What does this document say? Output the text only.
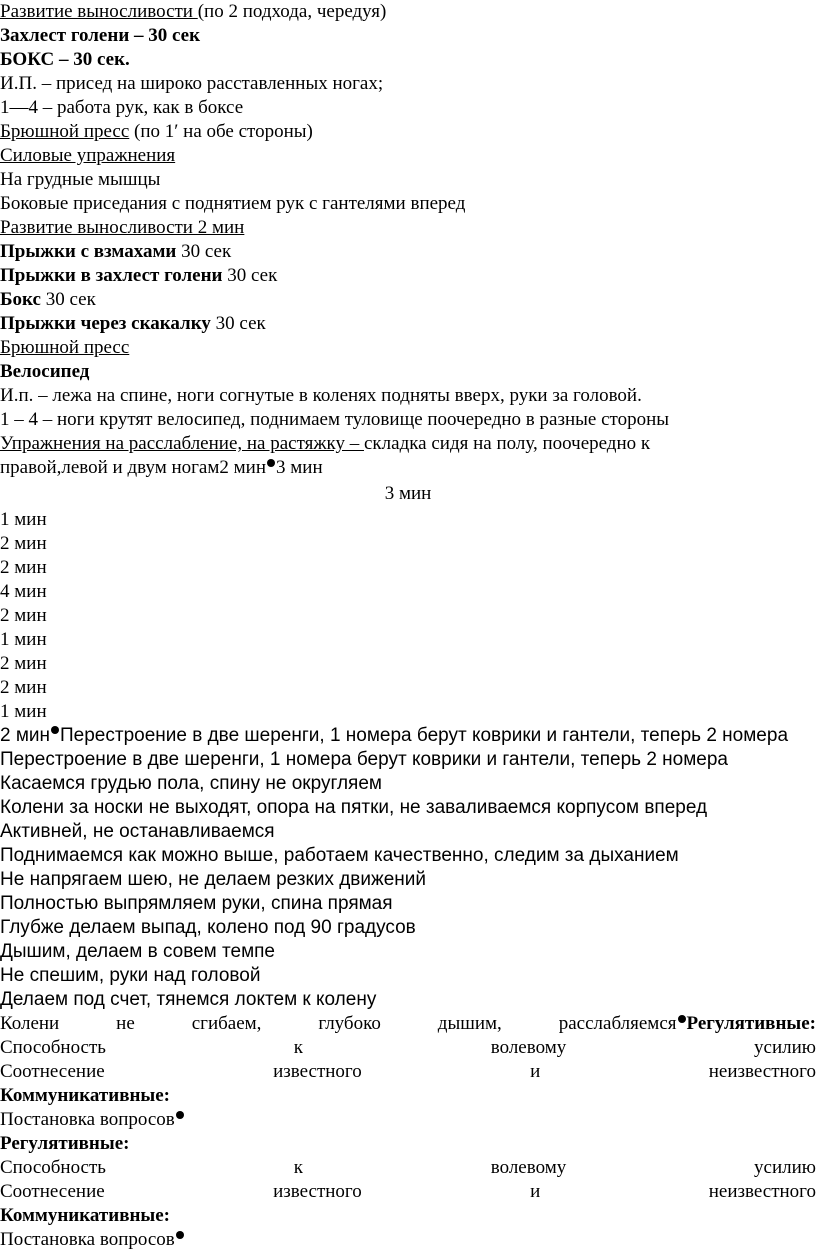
Развитие выносливости (по 2 подхода, чередуя)
Захлест голени – 30 сек
БОКС – 30 сек.
И.П. – присед на широко расставленных ногах;
1—4 – работа рук, как в боксе
Брюшной пресс (по 1′ на обе стороны)
Силовые упражнения
На грудные мышцы
Боковые приседания с поднятием рук с гантелями вперед
Развитие выносливости 2 мин
Прыжки с взмахами 30 сек
Прыжки в захлест голени 30 сек
Бокс 30 сек
Прыжки через скакалку 30 сек
Брюшной пресс
Велосипед
И.п. – лежа на спине, ноги согнутые в коленях подняты вверх, руки за головой.
1 – 4 – ноги крутят велосипед, поднимаем туловище поочередно в разные стороны
Упражнения на расслабление, на растяжку – складка сидя на полу, поочередно к
правой,левой и двум ногам2 мин 3 мин
3 мин
1 мин
2 мин
2 мин
4 мин
2 мин
1 мин
2 мин
2 мин
1 мин
2 мин Перестроение в две шеренги, 1 номера берут коврики и гантели, теперь 2 номера
Перестроение в две шеренги, 1 номера берут коврики и гантели, теперь 2 номера
Касаемся грудью пола, спину не округляем
Колени за носки не выходят, опора на пятки, не заваливаемся корпусом вперед
Активней, не останавливаемся
Поднимаемся как можно выше, работаем качественно, следим за дыханием
Не напрягаем шею, не делаем резких движений
Полностью выпрямляем руки, спина прямая
Глубже делаем выпад, колено под 90 градусов
Дышим, делаем в совем темпе
Не спешим, руки над головой
Делаем под счет, тянемся локтем к колену
Колени	не	сгибаем,	глубоко	дышим,	расслабляемся Регулятивные:
Способность	к	волевому	усилию
Соотнесение	известного	и	неизвестного
Коммуникативные:
Постановка вопросов
Регулятивные:
Способность	к	волевому	усилию
Соотнесение	известного	и	неизвестного
Коммуникативные:
Постановка вопросов
